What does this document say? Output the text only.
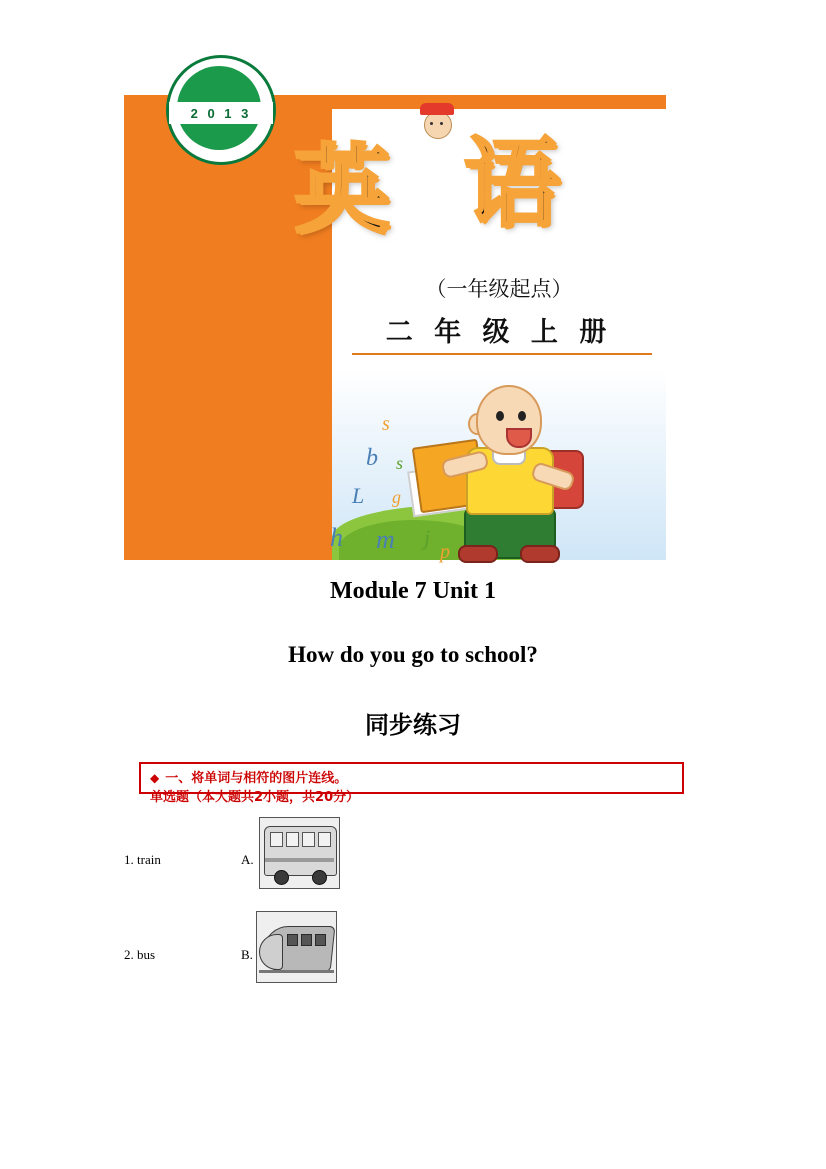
2 0 1 3
英 语
（一年级起点）
二 年 级 上 册
s
b
L
s
g
h m j
p
Module 7 Unit 1
How do you go to school?
同步练习
◆ 一、将单词与相符的图片连线。
单选题（本大题共2小题，共20分）
1. train	A.
2. bus	B.
